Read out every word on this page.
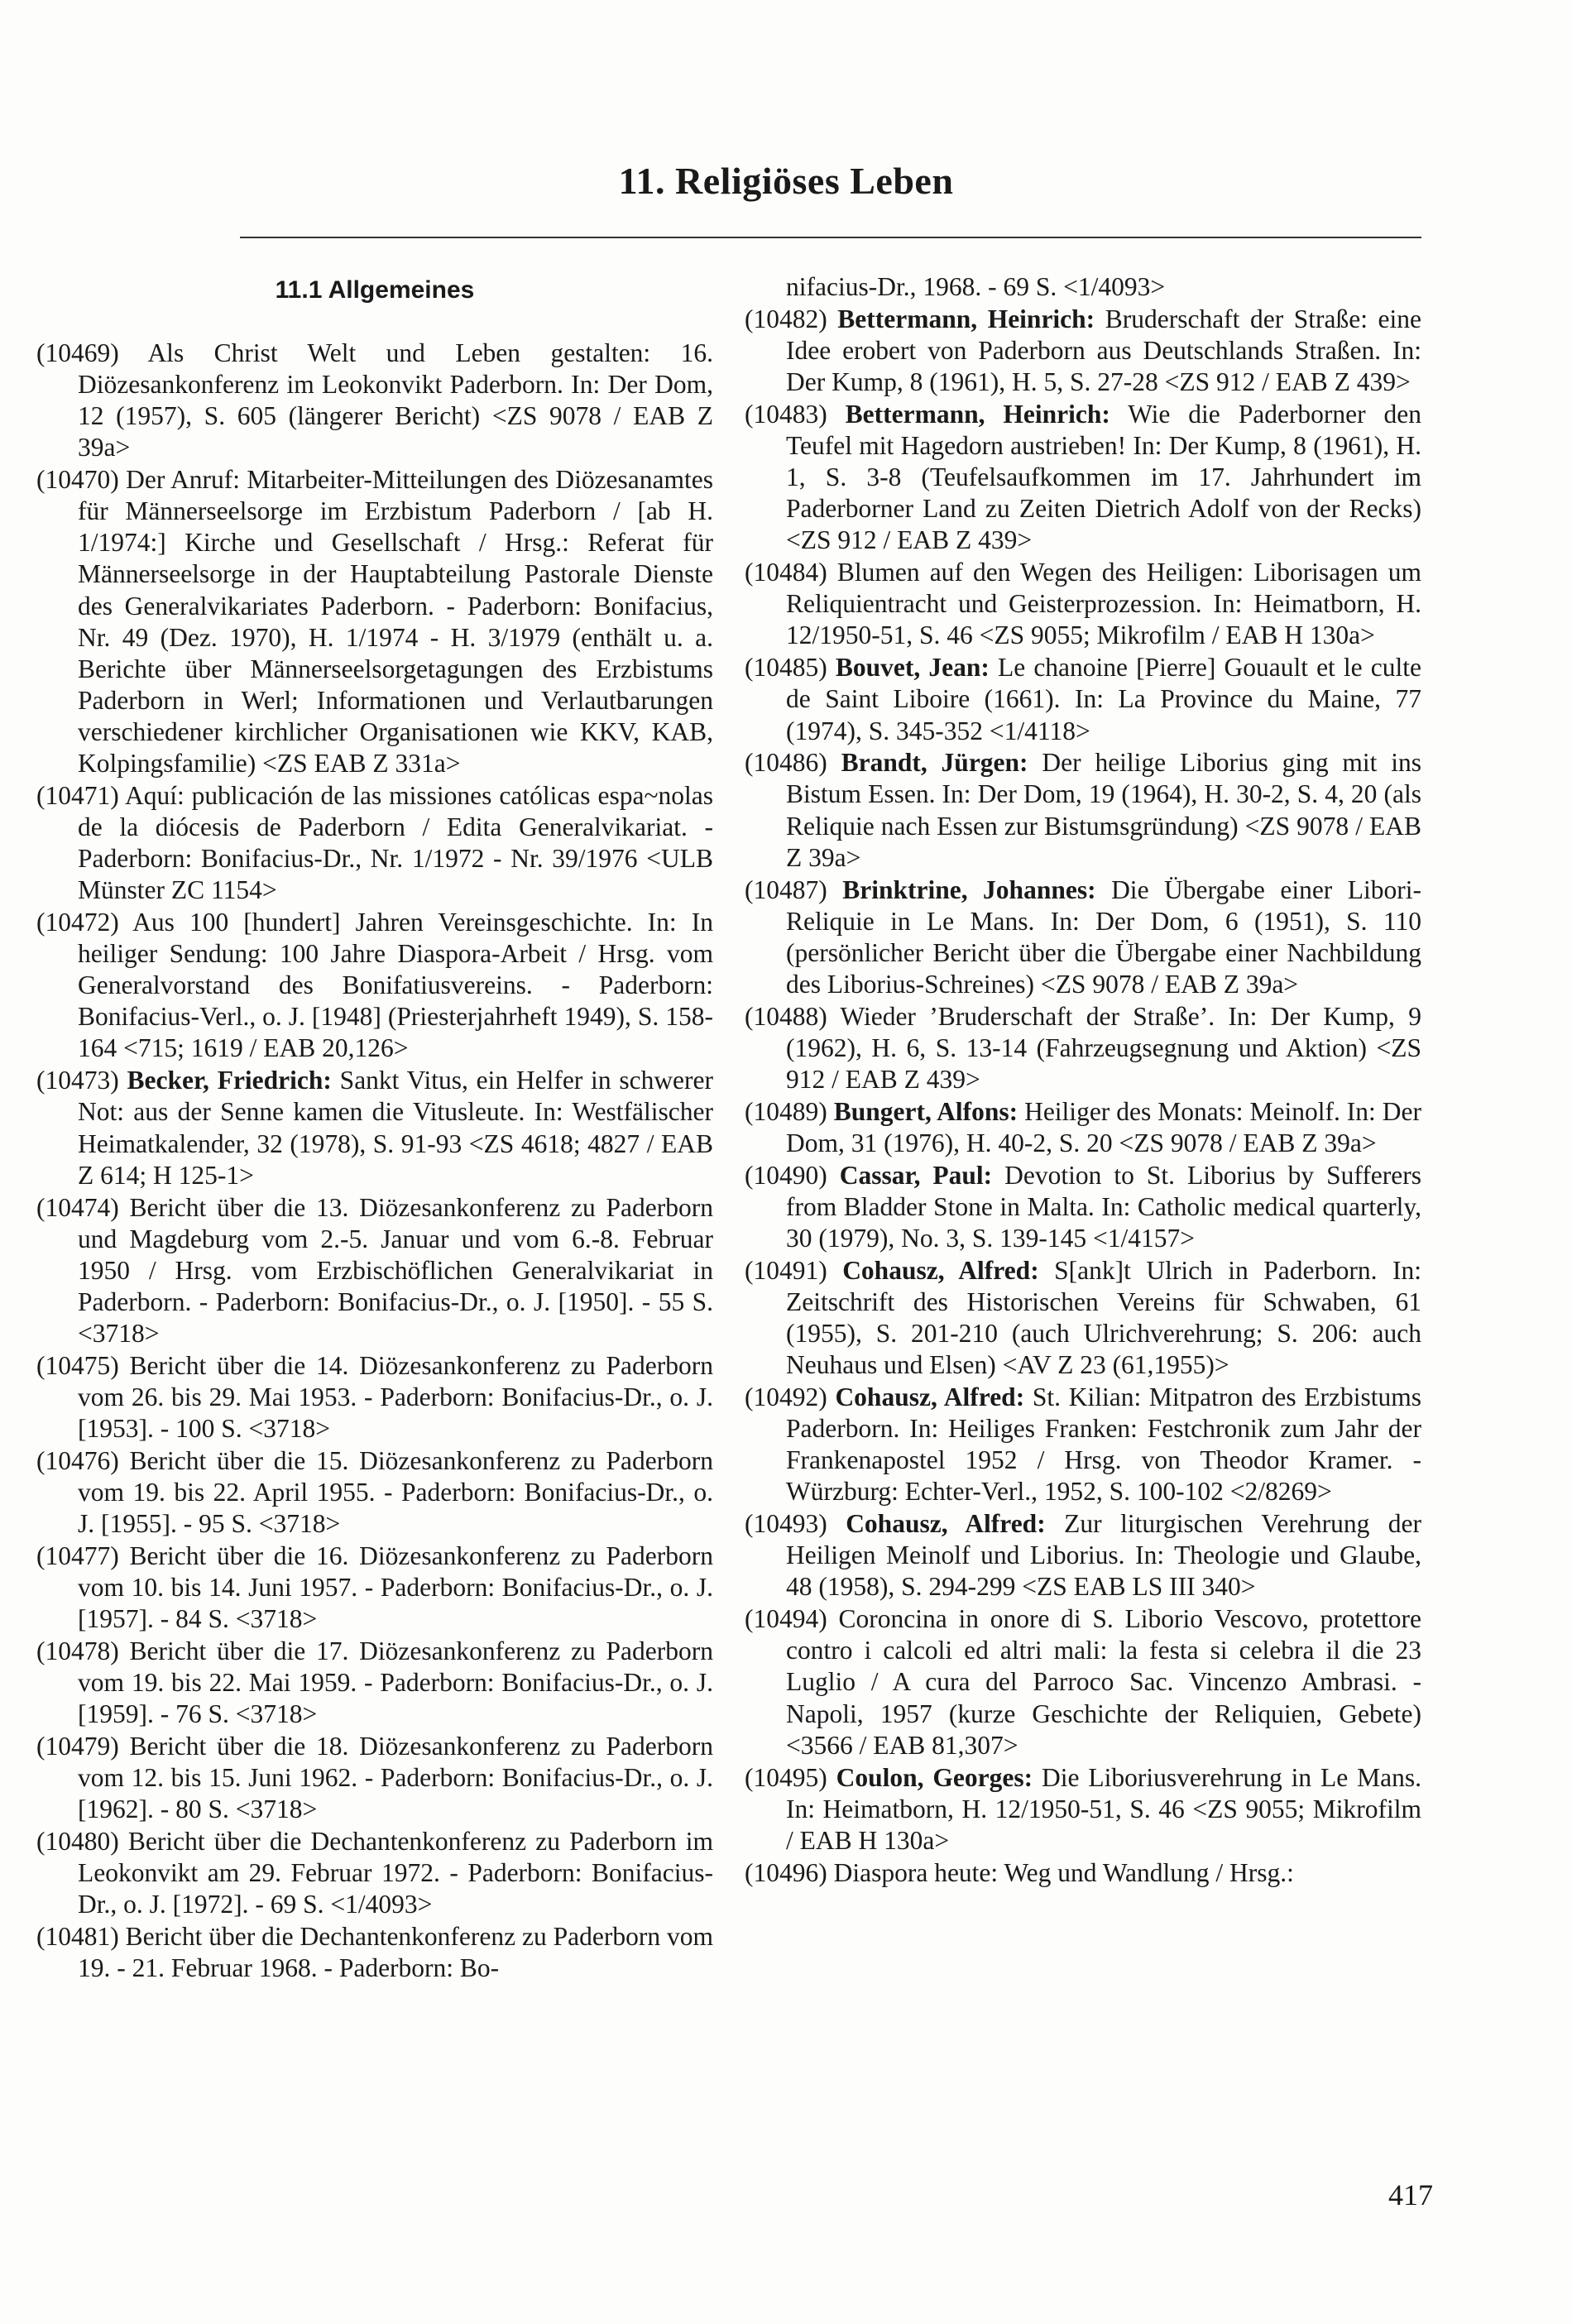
11. Religiöses Leben
11.1 Allgemeines

(10469) Als Christ Welt und Leben gestalten: 16. Diözesankonferenz im Leokonvikt Paderborn. In: Der Dom, 12 (1957), S. 605 (längerer Bericht) <ZS 9078 / EAB Z 39a>

(10470) Der Anruf: Mitarbeiter-Mitteilungen des Diözesanamtes für Männerseelsorge im Erzbistum Paderborn / [ab H. 1/1974:] Kirche und Gesellschaft / Hrsg.: Referat für Männerseelsorge in der Hauptabteilung Pastorale Dienste des Generalvikariates Paderborn. - Paderborn: Bonifacius, Nr. 49 (Dez. 1970), H. 1/1974 - H. 3/1979 (enthält u. a. Berichte über Männerseelsorgetagungen des Erzbistums Paderborn in Werl; Informationen und Verlautbarungen verschiedener kirchlicher Organisationen wie KKV, KAB, Kolpingsfamilie) <ZS EAB Z 331a>

(10471) Aquí: publicación de las missiones católicas espa~nolas de la diócesis de Paderborn / Edita Generalvikariat. - Paderborn: Bonifacius-Dr., Nr. 1/1972 - Nr. 39/1976 <ULB Münster ZC 1154>

(10472) Aus 100 [hundert] Jahren Vereinsgeschichte. In: In heiliger Sendung: 100 Jahre Diaspora-Arbeit / Hrsg. vom Generalvorstand des Bonifatiusvereins. - Paderborn: Bonifacius-Verl., o. J. [1948] (Priesterjahrheft 1949), S. 158-164 <715; 1619 / EAB 20,126>

(10473) Becker, Friedrich: Sankt Vitus, ein Helfer in schwerer Not: aus der Senne kamen die Vitusleute. In: Westfälischer Heimatkalender, 32 (1978), S. 91-93 <ZS 4618; 4827 / EAB Z 614; H 125-1>

(10474) Bericht über die 13. Diözesankonferenz zu Paderborn und Magdeburg vom 2.-5. Januar und vom 6.-8. Februar 1950 / Hrsg. vom Erzbischöflichen Generalvikariat in Paderborn. - Paderborn: Bonifacius-Dr., o. J. [1950]. - 55 S. <3718>

(10475) Bericht über die 14. Diözesankonferenz zu Paderborn vom 26. bis 29. Mai 1953. - Paderborn: Bonifacius-Dr., o. J. [1953]. - 100 S. <3718>

(10476) Bericht über die 15. Diözesankonferenz zu Paderborn vom 19. bis 22. April 1955. - Paderborn: Bonifacius-Dr., o. J. [1955]. - 95 S. <3718>

(10477) Bericht über die 16. Diözesankonferenz zu Paderborn vom 10. bis 14. Juni 1957. - Paderborn: Bonifacius-Dr., o. J. [1957]. - 84 S. <3718>

(10478) Bericht über die 17. Diözesankonferenz zu Paderborn vom 19. bis 22. Mai 1959. - Paderborn: Bonifacius-Dr., o. J. [1959]. - 76 S. <3718>

(10479) Bericht über die 18. Diözesankonferenz zu Paderborn vom 12. bis 15. Juni 1962. - Paderborn: Bonifacius-Dr., o. J. [1962]. - 80 S. <3718>

(10480) Bericht über die Dechantenkonferenz zu Paderborn im Leokonvikt am 29. Februar 1972. - Paderborn: Bonifacius-Dr., o. J. [1972]. - 69 S. <1/4093>

(10481) Bericht über die Dechantenkonferenz zu Paderborn vom 19. - 21. Februar 1968. - Paderborn: Bo-

nifacius-Dr., 1968. - 69 S. <1/4093>

(10482) Bettermann, Heinrich: Bruderschaft der Straße: eine Idee erobert von Paderborn aus Deutschlands Straßen. In: Der Kump, 8 (1961), H. 5, S. 27-28 <ZS 912 / EAB Z 439>

(10483) Bettermann, Heinrich: Wie die Paderborner den Teufel mit Hagedorn austrieben! In: Der Kump, 8 (1961), H. 1, S. 3-8 (Teufelsaufkommen im 17. Jahrhundert im Paderborner Land zu Zeiten Dietrich Adolf von der Recks) <ZS 912 / EAB Z 439>

(10484) Blumen auf den Wegen des Heiligen: Liborisagen um Reliquientracht und Geisterprozession. In: Heimatborn, H. 12/1950-51, S. 46 <ZS 9055; Mikrofilm / EAB H 130a>

(10485) Bouvet, Jean: Le chanoine [Pierre] Gouault et le culte de Saint Liboire (1661). In: La Province du Maine, 77 (1974), S. 345-352 <1/4118>

(10486) Brandt, Jürgen: Der heilige Liborius ging mit ins Bistum Essen. In: Der Dom, 19 (1964), H. 30-2, S. 4, 20 (als Reliquie nach Essen zur Bistumsgründung) <ZS 9078 / EAB Z 39a>

(10487) Brinktrine, Johannes: Die Übergabe einer Libori-Reliquie in Le Mans. In: Der Dom, 6 (1951), S. 110 (persönlicher Bericht über die Übergabe einer Nachbildung des Liborius-Schreines) <ZS 9078 / EAB Z 39a>

(10488) Wieder ’Bruderschaft der Straße’. In: Der Kump, 9 (1962), H. 6, S. 13-14 (Fahrzeugsegnung und Aktion) <ZS 912 / EAB Z 439>

(10489) Bungert, Alfons: Heiliger des Monats: Meinolf. In: Der Dom, 31 (1976), H. 40-2, S. 20 <ZS 9078 / EAB Z 39a>

(10490) Cassar, Paul: Devotion to St. Liborius by Sufferers from Bladder Stone in Malta. In: Catholic medical quarterly, 30 (1979), No. 3, S. 139-145 <1/4157>

(10491) Cohausz, Alfred: S[ank]t Ulrich in Paderborn. In: Zeitschrift des Historischen Vereins für Schwaben, 61 (1955), S. 201-210 (auch Ulrichverehrung; S. 206: auch Neuhaus und Elsen) <AV Z 23 (61,1955)>

(10492) Cohausz, Alfred: St. Kilian: Mitpatron des Erzbistums Paderborn. In: Heiliges Franken: Festchronik zum Jahr der Frankenapostel 1952 / Hrsg. von Theodor Kramer. - Würzburg: Echter-Verl., 1952, S. 100-102 <2/8269>

(10493) Cohausz, Alfred: Zur liturgischen Verehrung der Heiligen Meinolf und Liborius. In: Theologie und Glaube, 48 (1958), S. 294-299 <ZS EAB LS III 340>

(10494) Coroncina in onore di S. Liborio Vescovo, protettore contro i calcoli ed altri mali: la festa si celebra il die 23 Luglio / A cura del Parroco Sac. Vincenzo Ambrasi. - Napoli, 1957 (kurze Geschichte der Reliquien, Gebete) <3566 / EAB 81,307>

(10495) Coulon, Georges: Die Liboriusverehrung in Le Mans. In: Heimatborn, H. 12/1950-51, S. 46 <ZS 9055; Mikrofilm / EAB H 130a>

(10496) Diaspora heute: Weg und Wandlung / Hrsg.:

417
